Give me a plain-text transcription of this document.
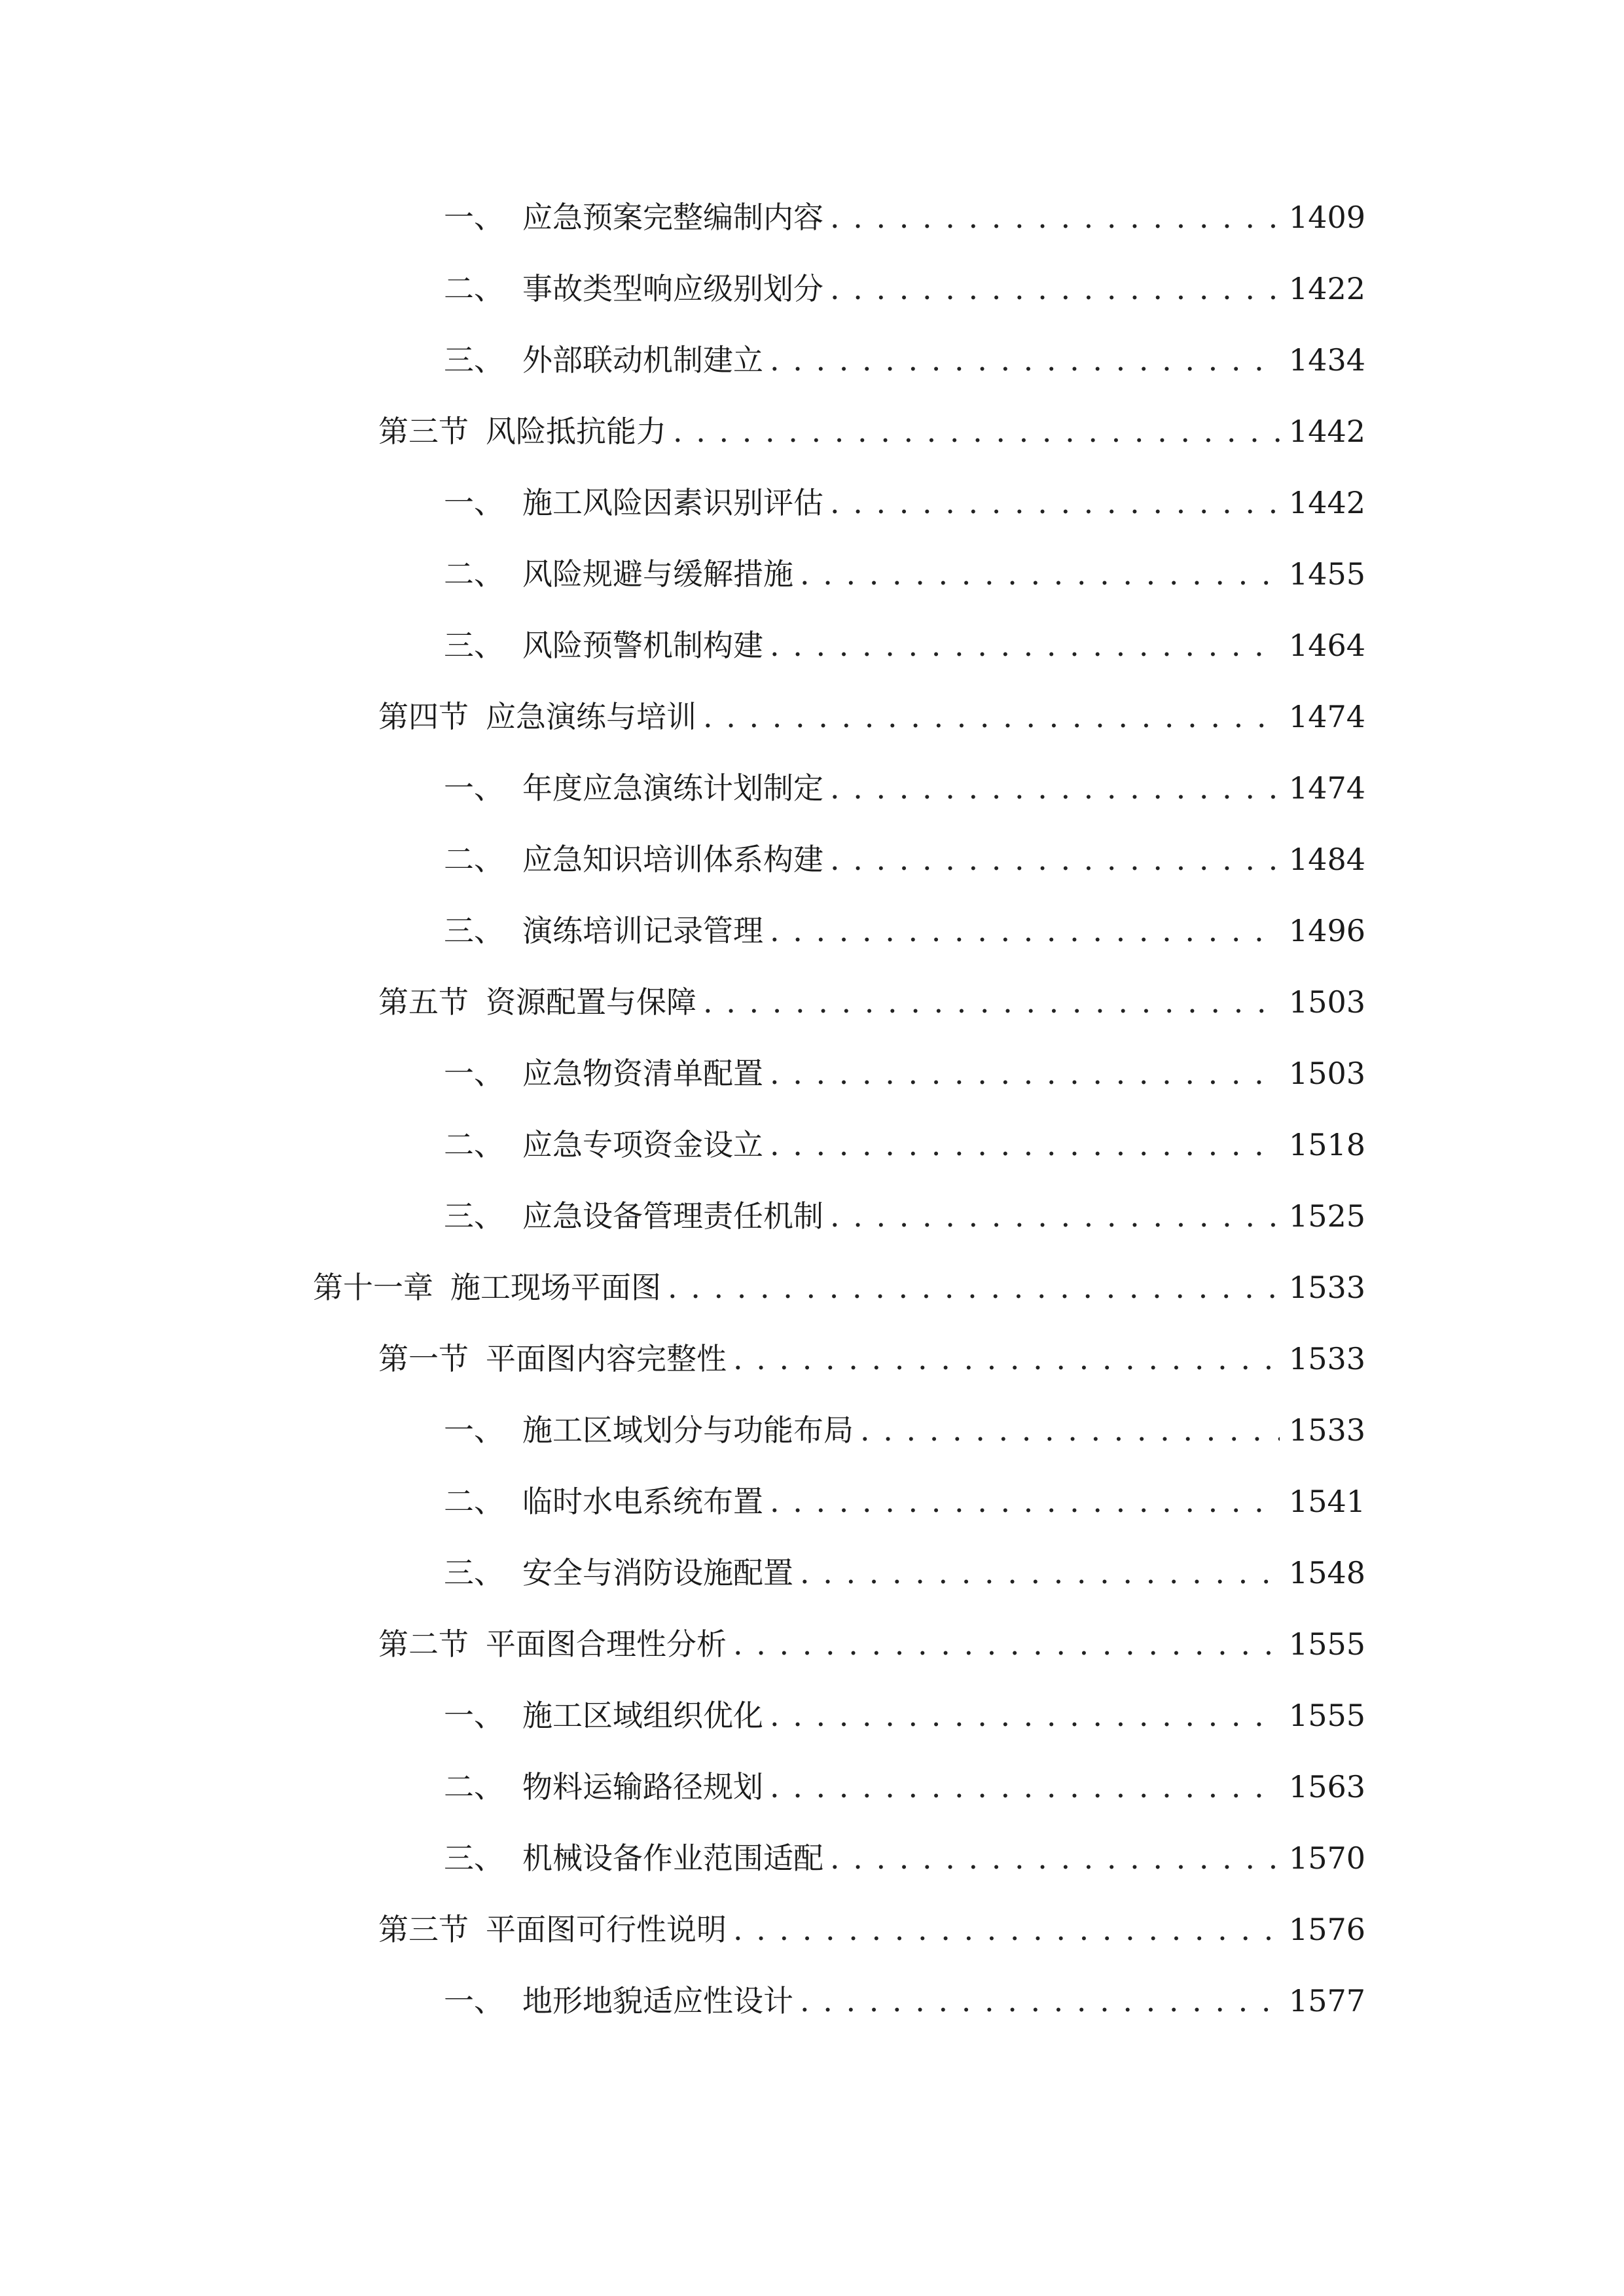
一、 应急预案完整编制内容 . . .	1409
二、 事故类型响应级别划分 . . .	1422
三、 外部联动机制建立 . . .	1434
第三节 风险抵抗能力 . . .	1442
一、 施工风险因素识别评估 . . .	1442
二、 风险规避与缓解措施 . . .	1455
三、 风险预警机制构建 . . .	1464
第四节 应急演练与培训 . . .	1474
一、 年度应急演练计划制定 . . .	1474
二、 应急知识培训体系构建 . . .	1484
三、 演练培训记录管理 . . .	1496
第五节 资源配置与保障 . . .	1503
一、 应急物资清单配置 . . .	1503
二、 应急专项资金设立 . . .	1518
三、 应急设备管理责任机制 . . .	1525
第十一章 施工现场平面图 . . .	1533
第一节 平面图内容完整性 . . .	1533
一、 施工区域划分与功能布局 . . .	1533
二、 临时水电系统布置 . . .	1541
三、 安全与消防设施配置 . . .	1548
第二节 平面图合理性分析 . . .	1555
一、 施工区域组织优化 . . .	1555
二、 物料运输路径规划 . . .	1563
三、 机械设备作业范围适配 . . .	1570
第三节 平面图可行性说明 . . .	1576
一、 地形地貌适应性设计 . . .	1577
